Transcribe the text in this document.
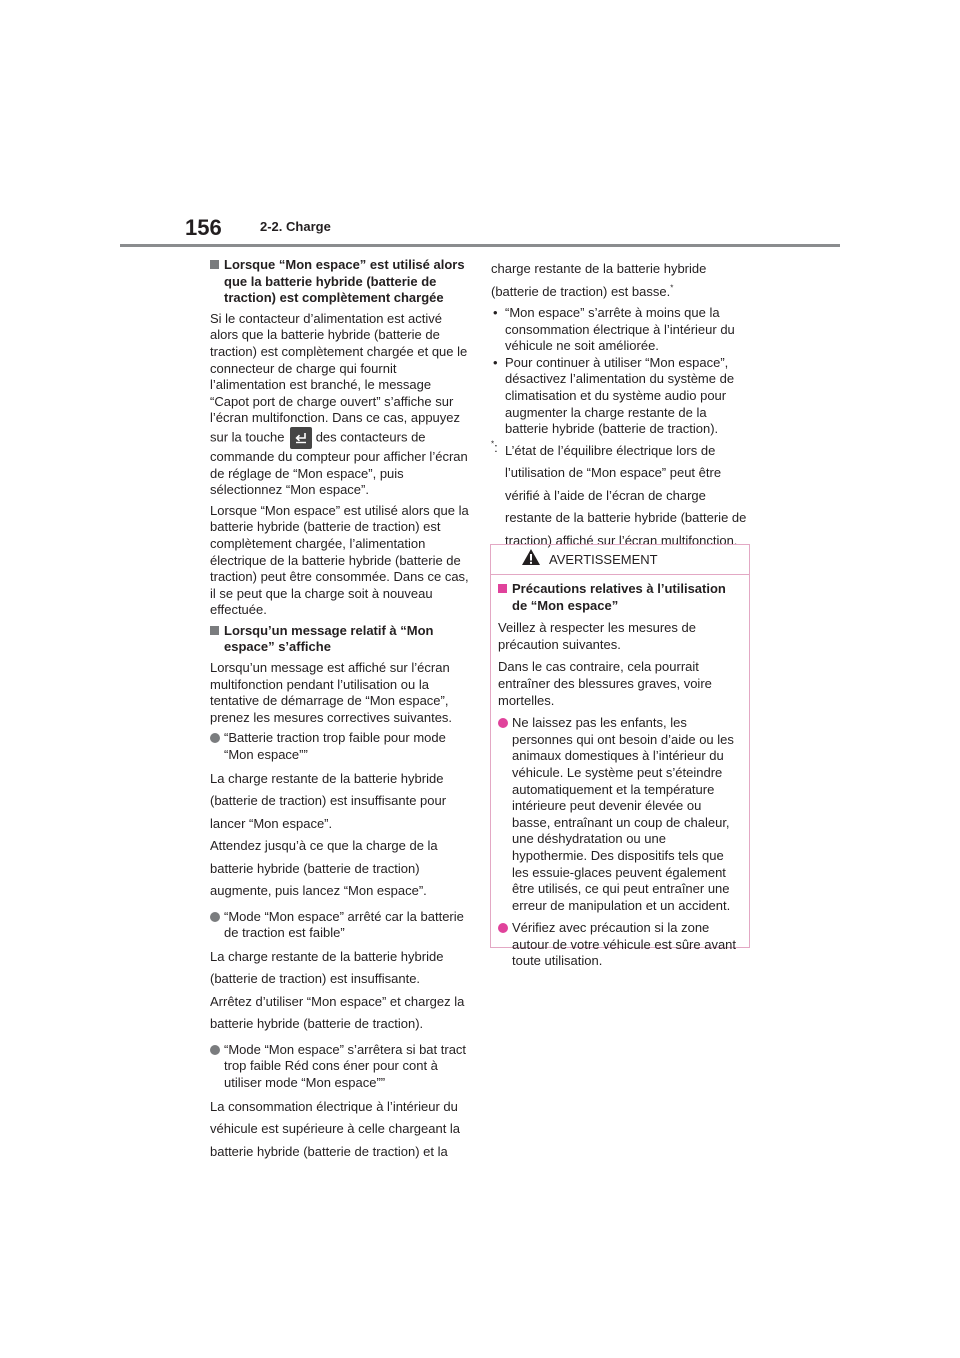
156	2-2. Charge
Lorsque “Mon espace” est utilisé alors que la batterie hybride (batterie de traction) est complètement chargée

Si le contacteur d’alimentation est activé alors que la batterie hybride (batterie de traction) est complètement chargée et que le connecteur de charge qui fournit l’alimentation est branché, le message “Capot port de charge ouvert” s’affiche sur l’écran multifonction. Dans ce cas, appuyez sur la touche des contacteurs de commande du compteur pour afficher l’écran de réglage de “Mon espace”, puis sélectionnez “Mon espace”.

Lorsque “Mon espace” est utilisé alors que la batterie hybride (batterie de traction) est complètement chargée, l’alimentation électrique de la batterie hybride (batterie de traction) peut être consommée. Dans ce cas, il se peut que la charge soit à nouveau effectuée.

Lorsqu’un message relatif à “Mon espace” s’affiche

Lorsqu’un message est affiché sur l’écran multifonction pendant l’utilisation ou la tentative de démarrage de “Mon espace”, prenez les mesures correctives suivantes.

“Batterie traction trop faible pour mode “Mon espace””

La charge restante de la batterie hybride (batterie de traction) est insuffisante pour lancer “Mon espace”.

Attendez jusqu’à ce que la charge de la batterie hybride (batterie de traction) augmente, puis lancez “Mon espace”.

“Mode “Mon espace” arrêté car la batterie de traction est faible”

La charge restante de la batterie hybride (batterie de traction) est insuffisante.

Arrêtez d’utiliser “Mon espace” et chargez la batterie hybride (batterie de traction).

“Mode “Mon espace” s’arrêtera si bat tract trop faible Réd cons éner pour cont à utiliser mode “Mon espace””

La consommation électrique à l’intérieur du véhicule est supérieure à celle chargeant la batterie hybride (batterie de traction) et la

charge restante de la batterie hybride (batterie de traction) est basse.*

• “Mon espace” s’arrête à moins que la consommation électrique à l’intérieur du véhicule ne soit améliorée.
• Pour continuer à utiliser “Mon espace”, désactivez l’alimentation du système de climatisation et du système audio pour augmenter la charge restante de la batterie hybride (batterie de traction).
*: L’état de l’équilibre électrique lors de l’utilisation de “Mon espace” peut être vérifié à l’aide de l’écran de charge restante de la batterie hybride (batterie de traction) affiché sur l’écran multifonction.
AVERTISSEMENT
Précautions relatives à l’utilisation de “Mon espace”

Veillez à respecter les mesures de précaution suivantes.

Dans le cas contraire, cela pourrait entraîner des blessures graves, voire mortelles.

Ne laissez pas les enfants, les personnes qui ont besoin d’aide ou les animaux domestiques à l’intérieur du véhicule. Le système peut s’éteindre automatiquement et la température intérieure peut devenir élevée ou basse, entraînant un coup de chaleur, une déshydratation ou une hypothermie. Des dispositifs tels que les essuie-glaces peuvent également être utilisés, ce qui peut entraîner une erreur de manipulation et un accident.
Vérifiez avec précaution si la zone autour de votre véhicule est sûre avant toute utilisation.
